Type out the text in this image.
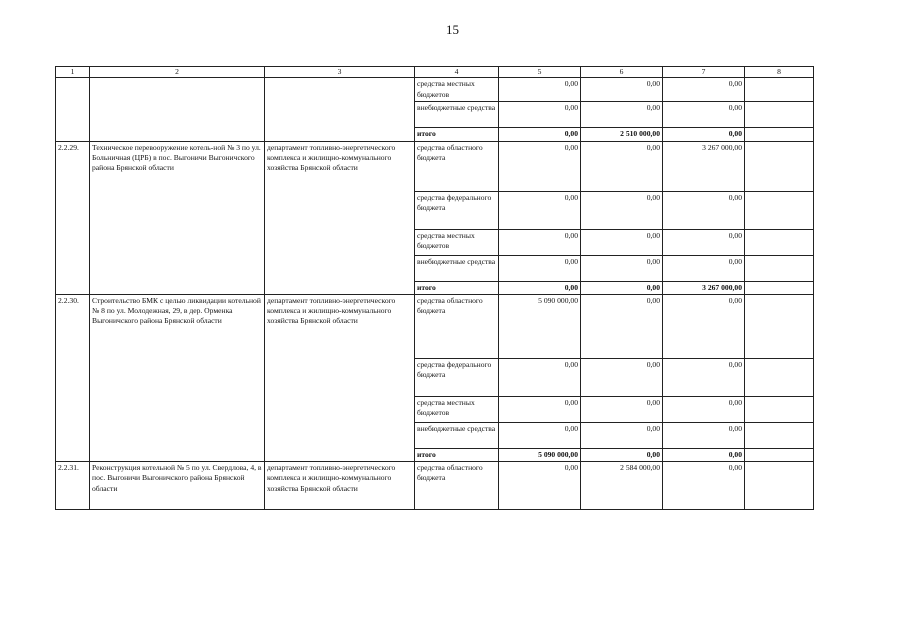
15
1	2	3	4	5	6	7	8
			средства местных бюджетов	0,00	0,00	0,00	
			внебюджетные средства	0,00	0,00	0,00	
			итого	0,00	2 510 000,00	0,00	
2.2.29.	Техническое перевооружение котель-ной № 3 по ул. Больничная (ЦРБ) в пос. Выгоничи Выгоничского района Брянской области	департамент топливно-энергетического комплекса и жилищно-коммунального хозяйства Брянской области	средства областного бюджета	0,00	0,00	3 267 000,00	
			средства федерального бюджета	0,00	0,00	0,00	
			средства местных бюджетов	0,00	0,00	0,00	
			внебюджетные средства	0,00	0,00	0,00	
			итого	0,00	0,00	3 267 000,00	
2.2.30.	Строительство БМК с целью ликвидации котельной № 8 по ул. Молодежная, 29, в дер. Орменка Выгоничского района Брянской области	департамент топливно-энергетического комплекса и жилищно-коммунального хозяйства Брянской области	средства областного бюджета	5 090 000,00	0,00	0,00	
			средства федерального бюджета	0,00	0,00	0,00	
			средства местных бюджетов	0,00	0,00	0,00	
			внебюджетные средства	0,00	0,00	0,00	
			итого	5 090 000,00	0,00	0,00	
2.2.31.	Реконструкция котельной № 5 по ул. Свердлова, 4, в пос. Выгоничи Выгоничского района Брянской области	департамент топливно-энергетического комплекса и жилищно-коммунального хозяйства Брянской области	средства областного бюджета	0,00	2 584 000,00	0,00	
